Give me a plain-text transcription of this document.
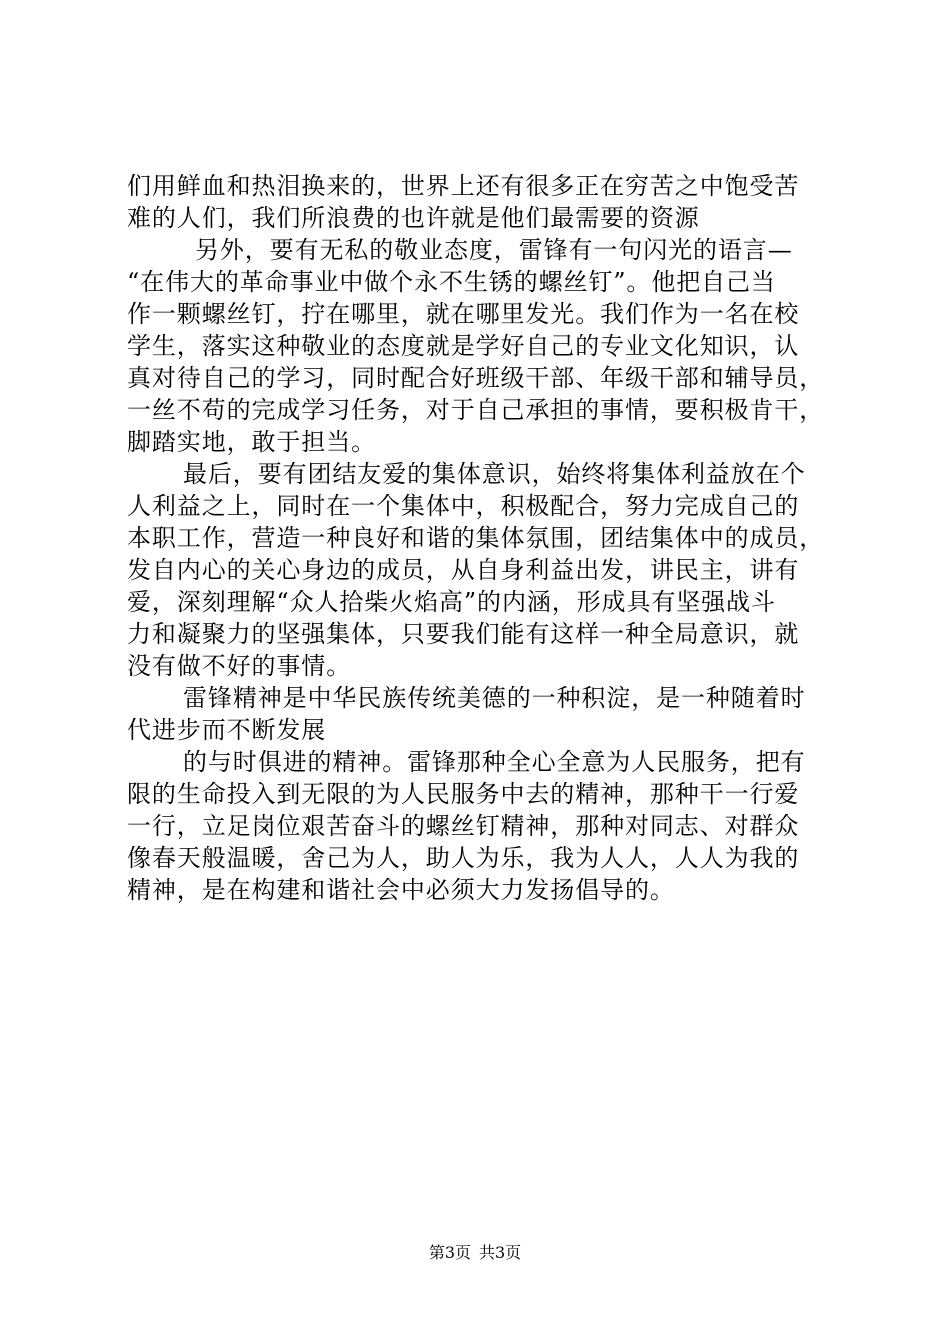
们用鲜血和热泪换来的，世界上还有很多正在穷苦之中饱受苦
难的人们，我们所浪费的也许就是他们最需要的资源
另外，要有无私的敬业态度，雷锋有一句闪光的语言—
“在伟大的革命事业中做个永不生锈的螺丝钉”。他把自己当
作一颗螺丝钉，拧在哪里，就在哪里发光。我们作为一名在校
学生，落实这种敬业的态度就是学好自己的专业文化知识，认
真对待自己的学习，同时配合好班级干部、年级干部和辅导员，
一丝不苟的完成学习任务，对于自己承担的事情，要积极肯干，
脚踏实地，敢于担当。
最后，要有团结友爱的集体意识，始终将集体利益放在个
人利益之上，同时在一个集体中，积极配合，努力完成自己的
本职工作，营造一种良好和谐的集体氛围，团结集体中的成员，
发自内心的关心身边的成员，从自身利益出发，讲民主，讲有
爱，深刻理解“众人拾柴火焰高”的内涵，形成具有坚强战斗
力和凝聚力的坚强集体，只要我们能有这样一种全局意识，就
没有做不好的事情。
雷锋精神是中华民族传统美德的一种积淀，是一种随着时
代进步而不断发展
的与时俱进的精神。雷锋那种全心全意为人民服务，把有
限的生命投入到无限的为人民服务中去的精神，那种干一行爱
一行，立足岗位艰苦奋斗的螺丝钉精神，那种对同志、对群众
像春天般温暖，舍己为人，助人为乐，我为人人，人人为我的
精神，是在构建和谐社会中必须大力发扬倡导的。
第3页 共3页
